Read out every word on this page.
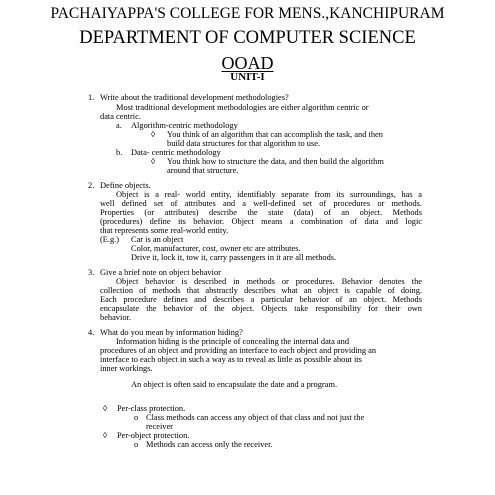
PACHAIYAPPA'S COLLEGE FOR MENS.,KANCHIPURAM
DEPARTMENT OF COMPUTER SCIENCE
OOAD
UNIT-I
1. Write about the traditional development methodologies?
Most traditional development methodologies are either algorithm centric or
data centric.
a. Algorithm-centric methodology
◊ You think of an algorithm that can accomplish the task, and then
build data structures for that algorithm to use.
b. Data- centric methodology
◊ You think how to structure the data, and then build the algorithm
around that structure.
2. Define objects.
Object is a real- world entity, identifiably separate from its surroundings, has a
well defined set of attributes and a well-defined set of procedures or methods.
Properties (or attributes) describe the state (data) of an object. Methods
(procedures) define its behavior. Object means a combination of data and logic
that represents some real-world entity.
(E.g.) Car is an object
Color, manufacturer, cost, owner etc are attributes.
Drive it, lock it, tow it, carry passengers in it are all methods.
3. Give a brief note on object behavior
Object behavior is described in methods or procedures. Behavior denotes the
collection of methods that abstractly describes what an object is capable of doing.
Each procedure defines and describes a particular behavior of an object. Methods
encapsulate the behavior of the object. Objects take responsibility for their own
behavior.
4. What do you mean by information hiding?
Information hiding is the principle of concealing the internal data and
procedures of an object and providing an interface to each object and providing an
interface to each object in such a way as to reveal as little as possible about its
inner workings.
An object is often said to encapsulate the date and a program.
◊ Per-class protection.
o Class methods can access any object of that class and not just the
receiver
◊ Per-object protection.
o Methods can access only the receiver.
